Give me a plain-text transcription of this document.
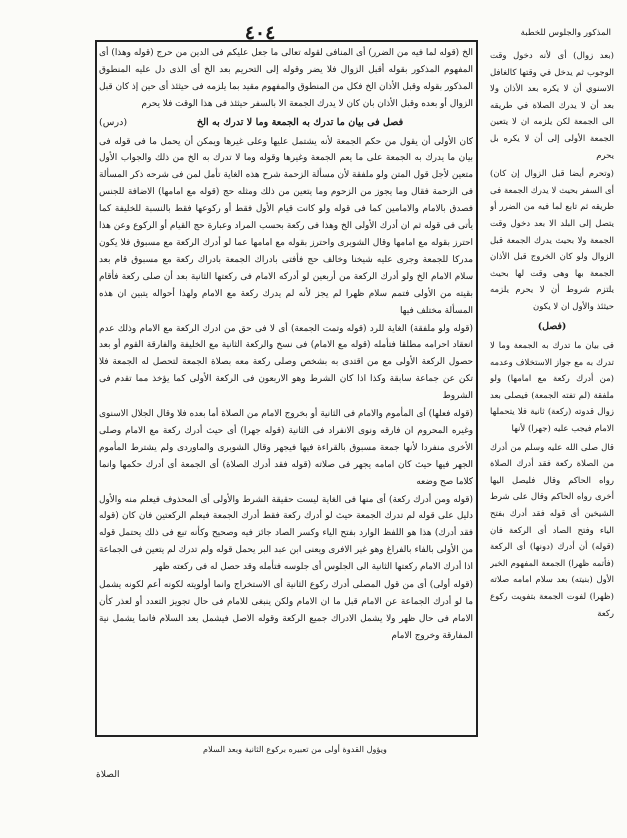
٤٠٤	المذكور والجلوس للخطبة

الخ (قوله لما فيه من الضرر) أى المنافى لقوله تعالى ما جعل عليكم فى الدين من حرج (قوله وهذا) أى المفهوم المذكور بقوله أقبل الزوال فلا يضر وقوله إلى التحريم بعد الخ أى الذى دل عليه المنطوق المذكور بقوله وقبل الأذان الخ فكل من المنطوق والمفهوم مقيد بما يلزمه فى حيثئذ أى حين إذ كان قبل الزوال أو بعده وقبل الأذان بان كان لا يدرك الجمعة الا بالسفر حيثئذ فى هذا الوقت فلا يحرم

(درس)	فصل فى بيان ما تدرك به الجمعة وما لا تدرك به الخ

كان الأولى أن يقول من حكم الجمعة لأنه يشتمل عليها وعلى غيرها ويمكن أن يحمل ما فى قوله فى بيان ما يدرك به الجمعة على ما يعم الجمعة وغيرها وقوله وما لا تدرك به الخ من ذلك والجواب الأول متعين لأجل قول المتن ولو ملفقة لأن مسألة الزحمة شرح هذه الغاية تأمل لمن فى شرحه ذكر المسألة فى الزحمة فقال وما يجوز من الزحوم وما يتعين من ذلك ومثله حج (قوله مع امامها) الاضافة للجنس فصدق بالامام والامامين كما فى قوله ولو كانت قيام الأول فقط أو ركوعها فقط بالنسبة للخليفة كما يأتى فى قوله ثم ان أدرك الأولى الخ وهذا فى ركعة بحسب المراد وعبارة حج القيام أو الركوع وعن هذا احترز بقوله مع امامها وقال الشوبرى واحترز بقوله مع امامها عما لو أدرك الركعة مع مسبوق فلا يكون مدركا للجمعة وجرى عليه شيخنا وخالف حج فأفتى بادراك الجمعة بادراك ركعة مع مسبوق قام بعد سلام الامام الخ ولو أدرك الركعة من أربعين لو أدركه الامام فى ركعتها الثانية بعد أن صلى ركعة فأقام بقيته من الأولى فتمم سلام ظهرا لم يجز لأنه لم يدرك ركعة مع الامام ولهذا أحواله يتبين ان هذه المسألة مختلف فيها

(قوله ولو ملفقة) الغاية للرد (قوله وتمت الجمعة) أى لا فى حق من ادرك الركعة مع الامام وذلك عدم انعقاد احرامه مطلقا فتأمله (قوله مع الامام) فى نسخ والركعة الثانية مع الخليفة والفارقة القوم أو بعد حصول الركعة الأولى مع من اقتدى به بشخص وصلى ركعة معه بصلاة الجمعة لتحصل له الجمعة فلا تكن عن جماعة سابقة وكذا اذا كان الشرط وهو الاربعون فى الركعة الأولى كما يؤخذ مما تقدم فى الشروط

(قوله فعلها) أى المأموم والامام فى الثانية أو بخروج الامام من الصلاة أما بعده فلا وقال الجلال الاسنوى وغيره المحروم ان فارقه ونوى الانفراد فى الثانية (قوله جهرا) أى حيث أدرك ركعة مع الامام وصلى الأخرى منفردا لأنها جمعة مسبوق بالقراءة فيها فيجهر وقال الشوبرى والماوردى ولم يشترط المأموم الجهر فيها حيث كان امامه يجهر فى صلاته (قوله فقد أدرك الصلاة) أى الجمعة أى أدرك حكمها وانما كلاما صح وضعه

(قوله ومن أدرك ركعة) أى منها فى الغاية ليست حقيقة الشرط والأولى أى المحذوف فيعلم منه والأول دليل على قوله لم تدرك الجمعة حيث لو أدرك ركعة فقط أدرك الجمعة فيعلم الركعتين فان كان (قوله فقد أدرك) هذا هو اللفظ الوارد بفتح الياء وكسر الصاد جائز فيه وصحيح وكأنه تبع فى ذلك يحتمل قوله من الأولى بالفاء بالفراغ وهو غير الافرى ويعنى ابن عبد البر يحمل قوله ولم تدرك لم يتعين فى الجماعة اذا أدرك الامام ركعتها الثانية الى الجلوس أى جلوسه فتأمله وقد حصل له فى ركعته ظهر

(قوله أولى) أى من قول المصلى أدرك ركوع الثانية أى الاستخراج وانما أولويته لكونه أعم لكونه يشمل ما لو أدرك الجماعة عن الامام قبل ما ان الامام ولكن ينبغى للامام فى حال تجويز التعدد أو لعذر كأن الامام فى حال ظهر ولا يشمل الادراك جميع الركعة وقوله الاصل فيشمل بعد السلام فانما يشمل نية المفارقة وخروج الامام

(بعد زوال) أى لأنه دخول وقت الوجوب ثم يدخل في وقتها كالغافل الاسنوي أن لا يكره بعد الأذان ولا بعد أن لا يدرك الصلاة في طريقه الى الجمعة لكن يلزمه ان لا يتعين الجمعة الأولى إلى أن لا يكره بل يحرم

(وتحرم أيضا قبل الزوال إن كان) أى السفر بحيث لا يدرك الجمعة فى طريقه ثم تابع لما فيه من الضرر أو يتصل إلى البلد الا بعد دخول وقت الجمعة ولا بحيث يدرك الجمعة قبل الزوال ولو كان الخروج قبل الأذان الجمعة بها وهى وقت لها بحيث يلتزم شروط أن لا يحرم يلزمه حيثئذ والأول ان لا يكون

(فصل)

فى بيان ما تدرك به الجمعة وما لا تدرك به مع جواز الاستخلاف وعدمه (من أدرك ركعة مع امامها) ولو ملفقة (لم تفته الجمعة) فيصلى بعد زوال قدوته (ركعة) ثانية فلا يتحملها الامام فيجب عليه (جهرا) لأنها

قال صلى الله عليه وسلم من أدرك من الصلاة ركعة فقد أدرك الصلاة رواه الحاكم وقال فليصل اليها أخرى رواه الحاكم وقال على شرط الشيخين أى قوله فقد أدرك بفتح الياء وفتح الصاد أى الركعة فان (قوله) أن أدرك (دونها) أى الركعة (فأتمه ظهرا) الجمعة المفهوم الخبر الأول (بنيته) بعد سلام امامه صلاته (ظهرا) لفوت الجمعة بتفويت ركوع ركعة

ويؤول القدوة أولى من تعبيره بركوع الثانية وبعد السلام
الصلاة
